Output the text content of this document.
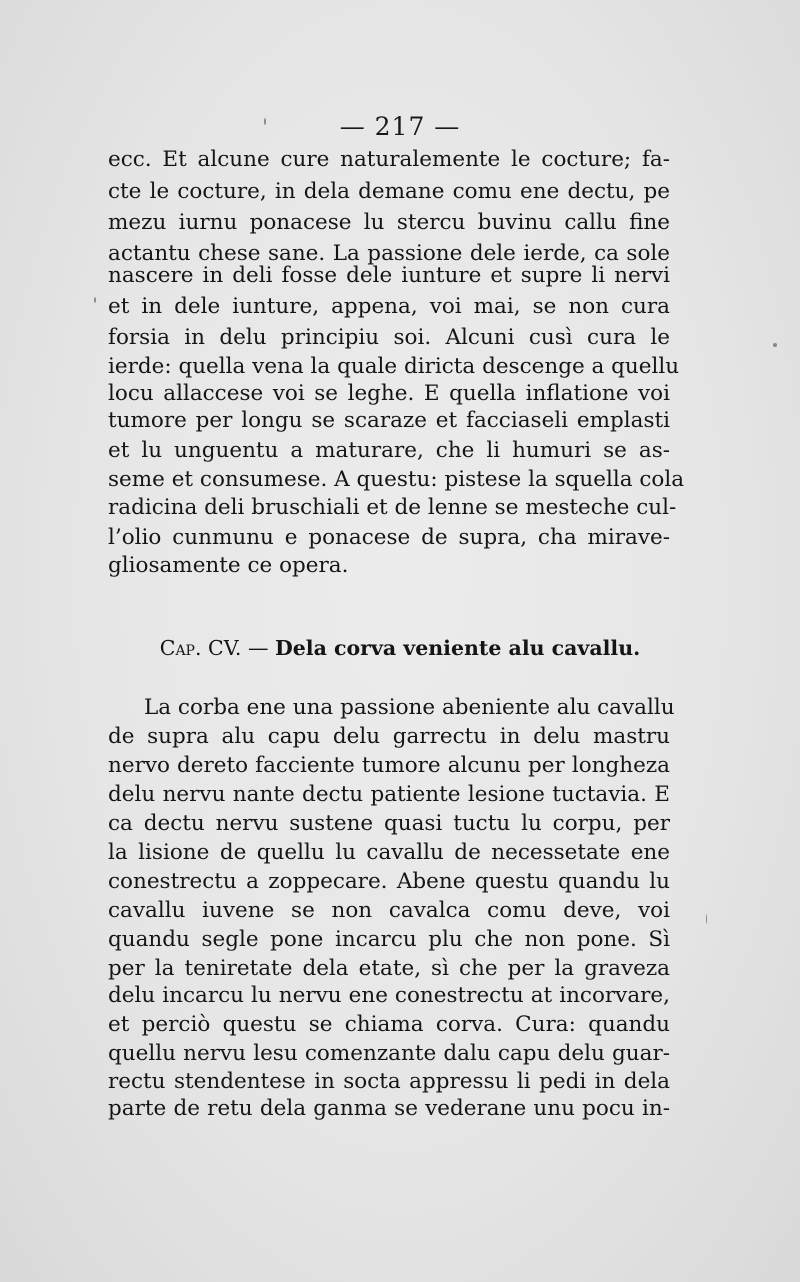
— 217 —
ecc. Et alcune cure naturalemente le cocture; fa-
cte le cocture, in dela demane comu ene dectu, pe
mezu iurnu ponacese lu stercu buvinu callu fine
actantu chese sane. La passione dele ierde, ca sole
nascere in deli fosse dele iunture et supre li nervi
et in dele iunture, appena, voi mai, se non cura
forsia in delu principiu soi. Alcuni cusì cura le
ierde: quella vena la quale diricta descenge a quellu
locu allaccese voi se leghe. E quella inflatione voi
tumore per longu se scaraze et facciaseli emplasti
et lu unguentu a maturare, che li humuri se as-
seme et consumese. A questu: pistese la squella cola
radicina deli bruschiali et de lenne se mesteche cul-
l’olio cunmunu e ponacese de supra, cha mirave-
gliosamente ce opera.
Cap. CV. — Dela corva veniente alu cavallu.
La corba ene una passione abeniente alu cavallu
de supra alu capu delu garrectu in delu mastru
nervo dereto facciente tumore alcunu per longheza
delu nervu nante dectu patiente lesione tuctavia. E
ca dectu nervu sustene quasi tuctu lu corpu, per
la lisione de quellu lu cavallu de necessetate ene
conestrectu a zoppecare. Abene questu quandu lu
cavallu iuvene se non cavalca comu deve, voi
quandu segle pone incarcu plu che non pone. Sì
per la teniretate dela etate, sì che per la graveza
delu incarcu lu nervu ene conestrectu at incorvare,
et perciò questu se chiama corva. Cura: quandu
quellu nervu lesu comenzante dalu capu delu guar-
rectu stendentese in socta appressu li pedi in dela
parte de retu dela ganma se vederane unu pocu in-
